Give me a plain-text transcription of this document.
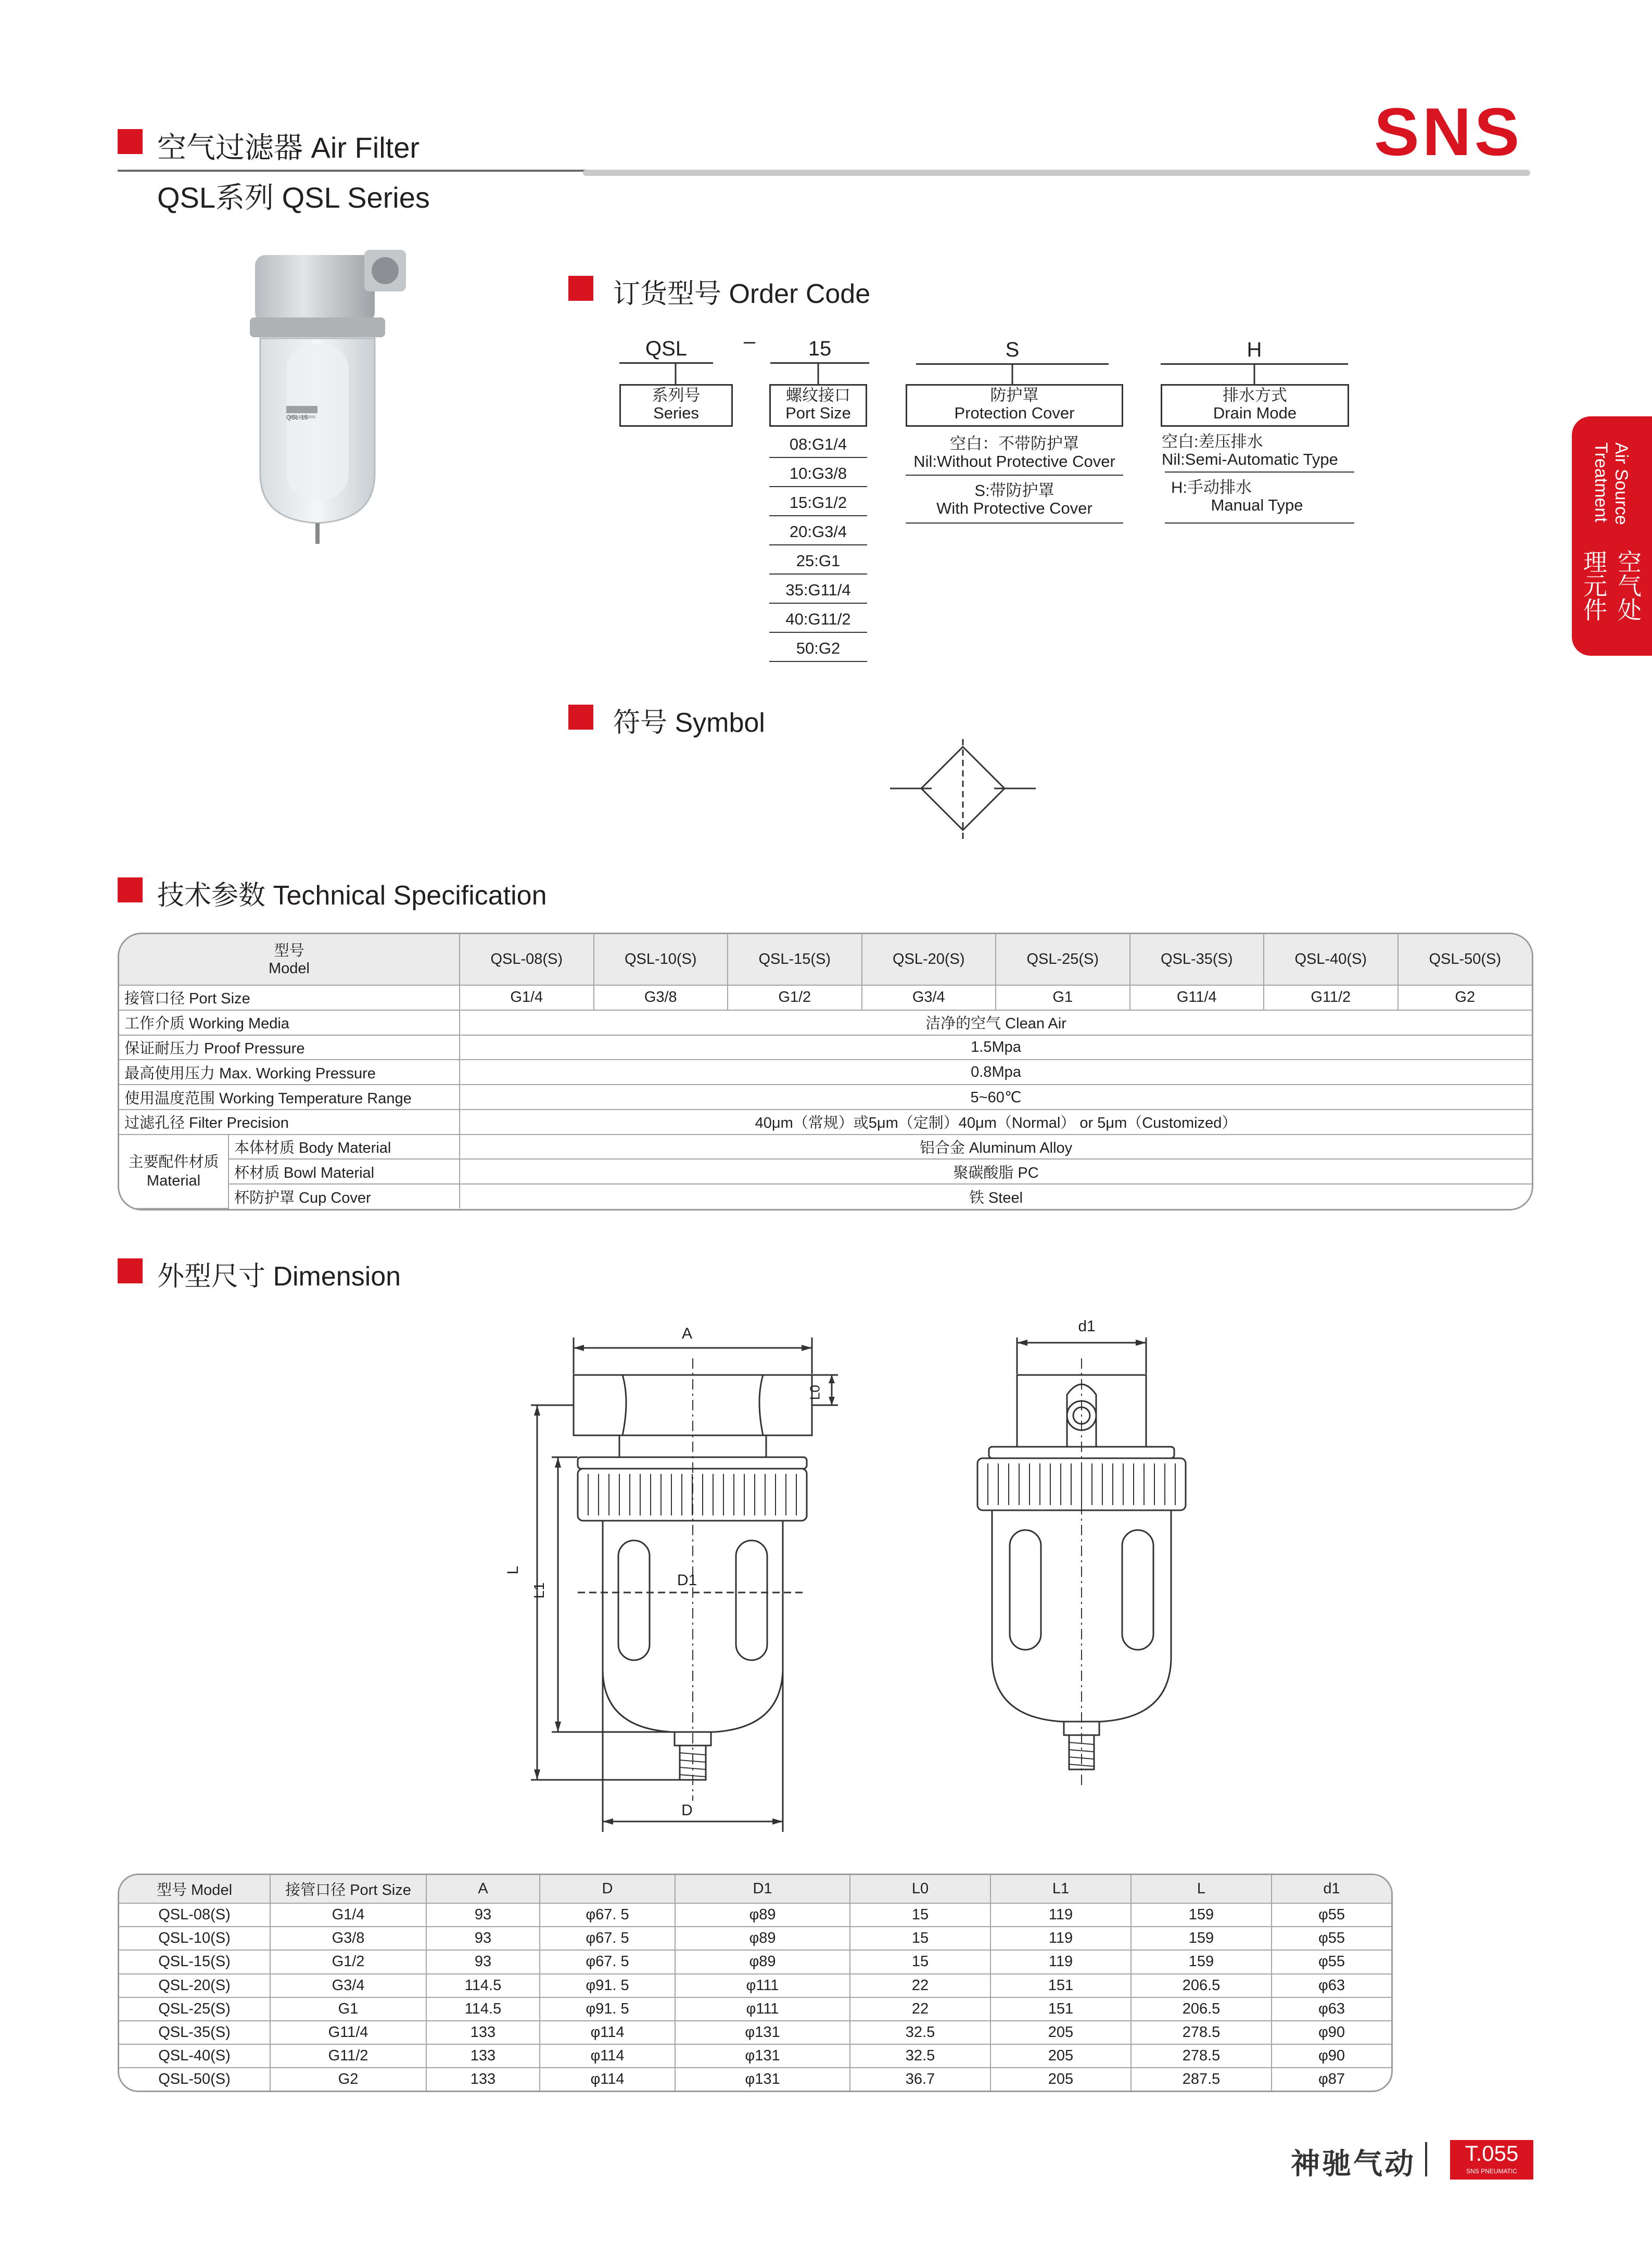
空气过滤器 Air Filter
QSL系列 QSL Series
SNS
Air Source Treatment
空气处理元件
QSL-15
订货型号 Order Code
QSL	–	15	S	H
系列号
Series
螺纹接口
Port Size
防护罩
Protection Cover
排水方式
Drain Mode
08:G1/4
10:G3/8
15:G1/2
20:G3/4
25:G1
35:G11/4
40:G11/2
50:G2
空白：不带防护罩
Nil:Without Protective Cover
S:带防护罩
With Protective Cover
空白:差压排水
Nil:Semi-Automatic Type
H:手动排水
Manual Type
符号 Symbol
技术参数 Technical Specification
型号
Model		QSL-08(S)	QSL-10(S)	QSL-15(S)	QSL-20(S)	QSL-25(S)	QSL-35(S)	QSL-40(S)	QSL-50(S)
接管口径 Port Size		G1/4	G3/8	G1/2	G3/4	G1	G11/4	G11/2	G2
工作介质 Working Media		洁净的空气 Clean Air							
保证耐压力 Proof Pressure		1.5Mpa							
最高使用压力 Max. Working Pressure		0.8Mpa							
使用温度范围 Working Temperature Range		5~60℃							
过滤孔径 Filter Precision		40μm（常规）或5μm（定制）40μm（Normal） or 5μm（Customized）							

主要配件材质
Material	本体材质 Body Material	铝合金 Aluminum Alloy							
	杯材质 Bowl Material	聚碳酸脂 PC							
	杯防护罩 Cup Cover	铁 Steel							
外型尺寸 Dimension
A
D
D1
L0
L
L1
d1
型号 Model	接管口径 Port Size	A	D	D1	L0	L1	L	d1
QSL-08(S)	G1/4	93	φ67. 5	φ89	15	119	159	φ55
QSL-10(S)	G3/8	93	φ67. 5	φ89	15	119	159	φ55
QSL-15(S)	G1/2	93	φ67. 5	φ89	15	119	159	φ55
QSL-20(S)	G3/4	114.5	φ91. 5	φ111	22	151	206.5	φ63
QSL-25(S)	G1	114.5	φ91. 5	φ111	22	151	206.5	φ63
QSL-35(S)	G11/4	133	φ114	φ131	32.5	205	278.5	φ90
QSL-40(S)	G11/2	133	φ114	φ131	32.5	205	278.5	φ90
QSL-50(S)	G2	133	φ114	φ131	36.7	205	287.5	φ87
神驰气动	T.055
SNS PNEUMATIC
